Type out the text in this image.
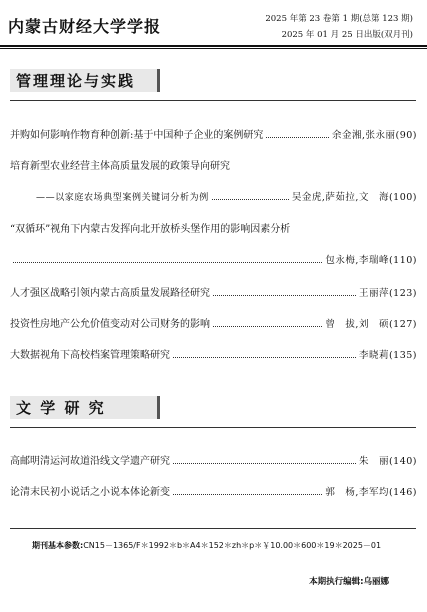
内蒙古财经大学学报	2025 年第 23 卷第 1 期(总第 123 期)
2025 年 01 月 25 日出版(双月刊)
管理理论与实践
并购如何影响作物育种创新:基于中国种子企业的案例研究	余金湘,张永丽(90)
培育新型农业经营主体高质量发展的政策导向研究
——以家庭农场典型案例关键词分析为例	吴金虎,萨茹拉,文　海(100)
“双循环”视角下内蒙古发挥向北开放桥头堡作用的影响因素分析
包永梅,李瑞峰(110)
人才强区战略引领内蒙古高质量发展路径研究	王丽萍(123)
投资性房地产公允价值变动对公司财务的影响	曾　拔,刘　硕(127)
大数据视角下高校档案管理策略研究	李晓莉(135)
文 学 研 究
高邮明清运河故道沿线文学遗产研究	朱　丽(140)
论清末民初小说话之小说本体论新变	郭　杨,李军均(146)
期刊基本参数:CN15－1365/F＊1992＊b＊A4＊152＊zh＊p＊￥10.00＊600＊19＊2025－01
本期执行编辑:乌丽娜
